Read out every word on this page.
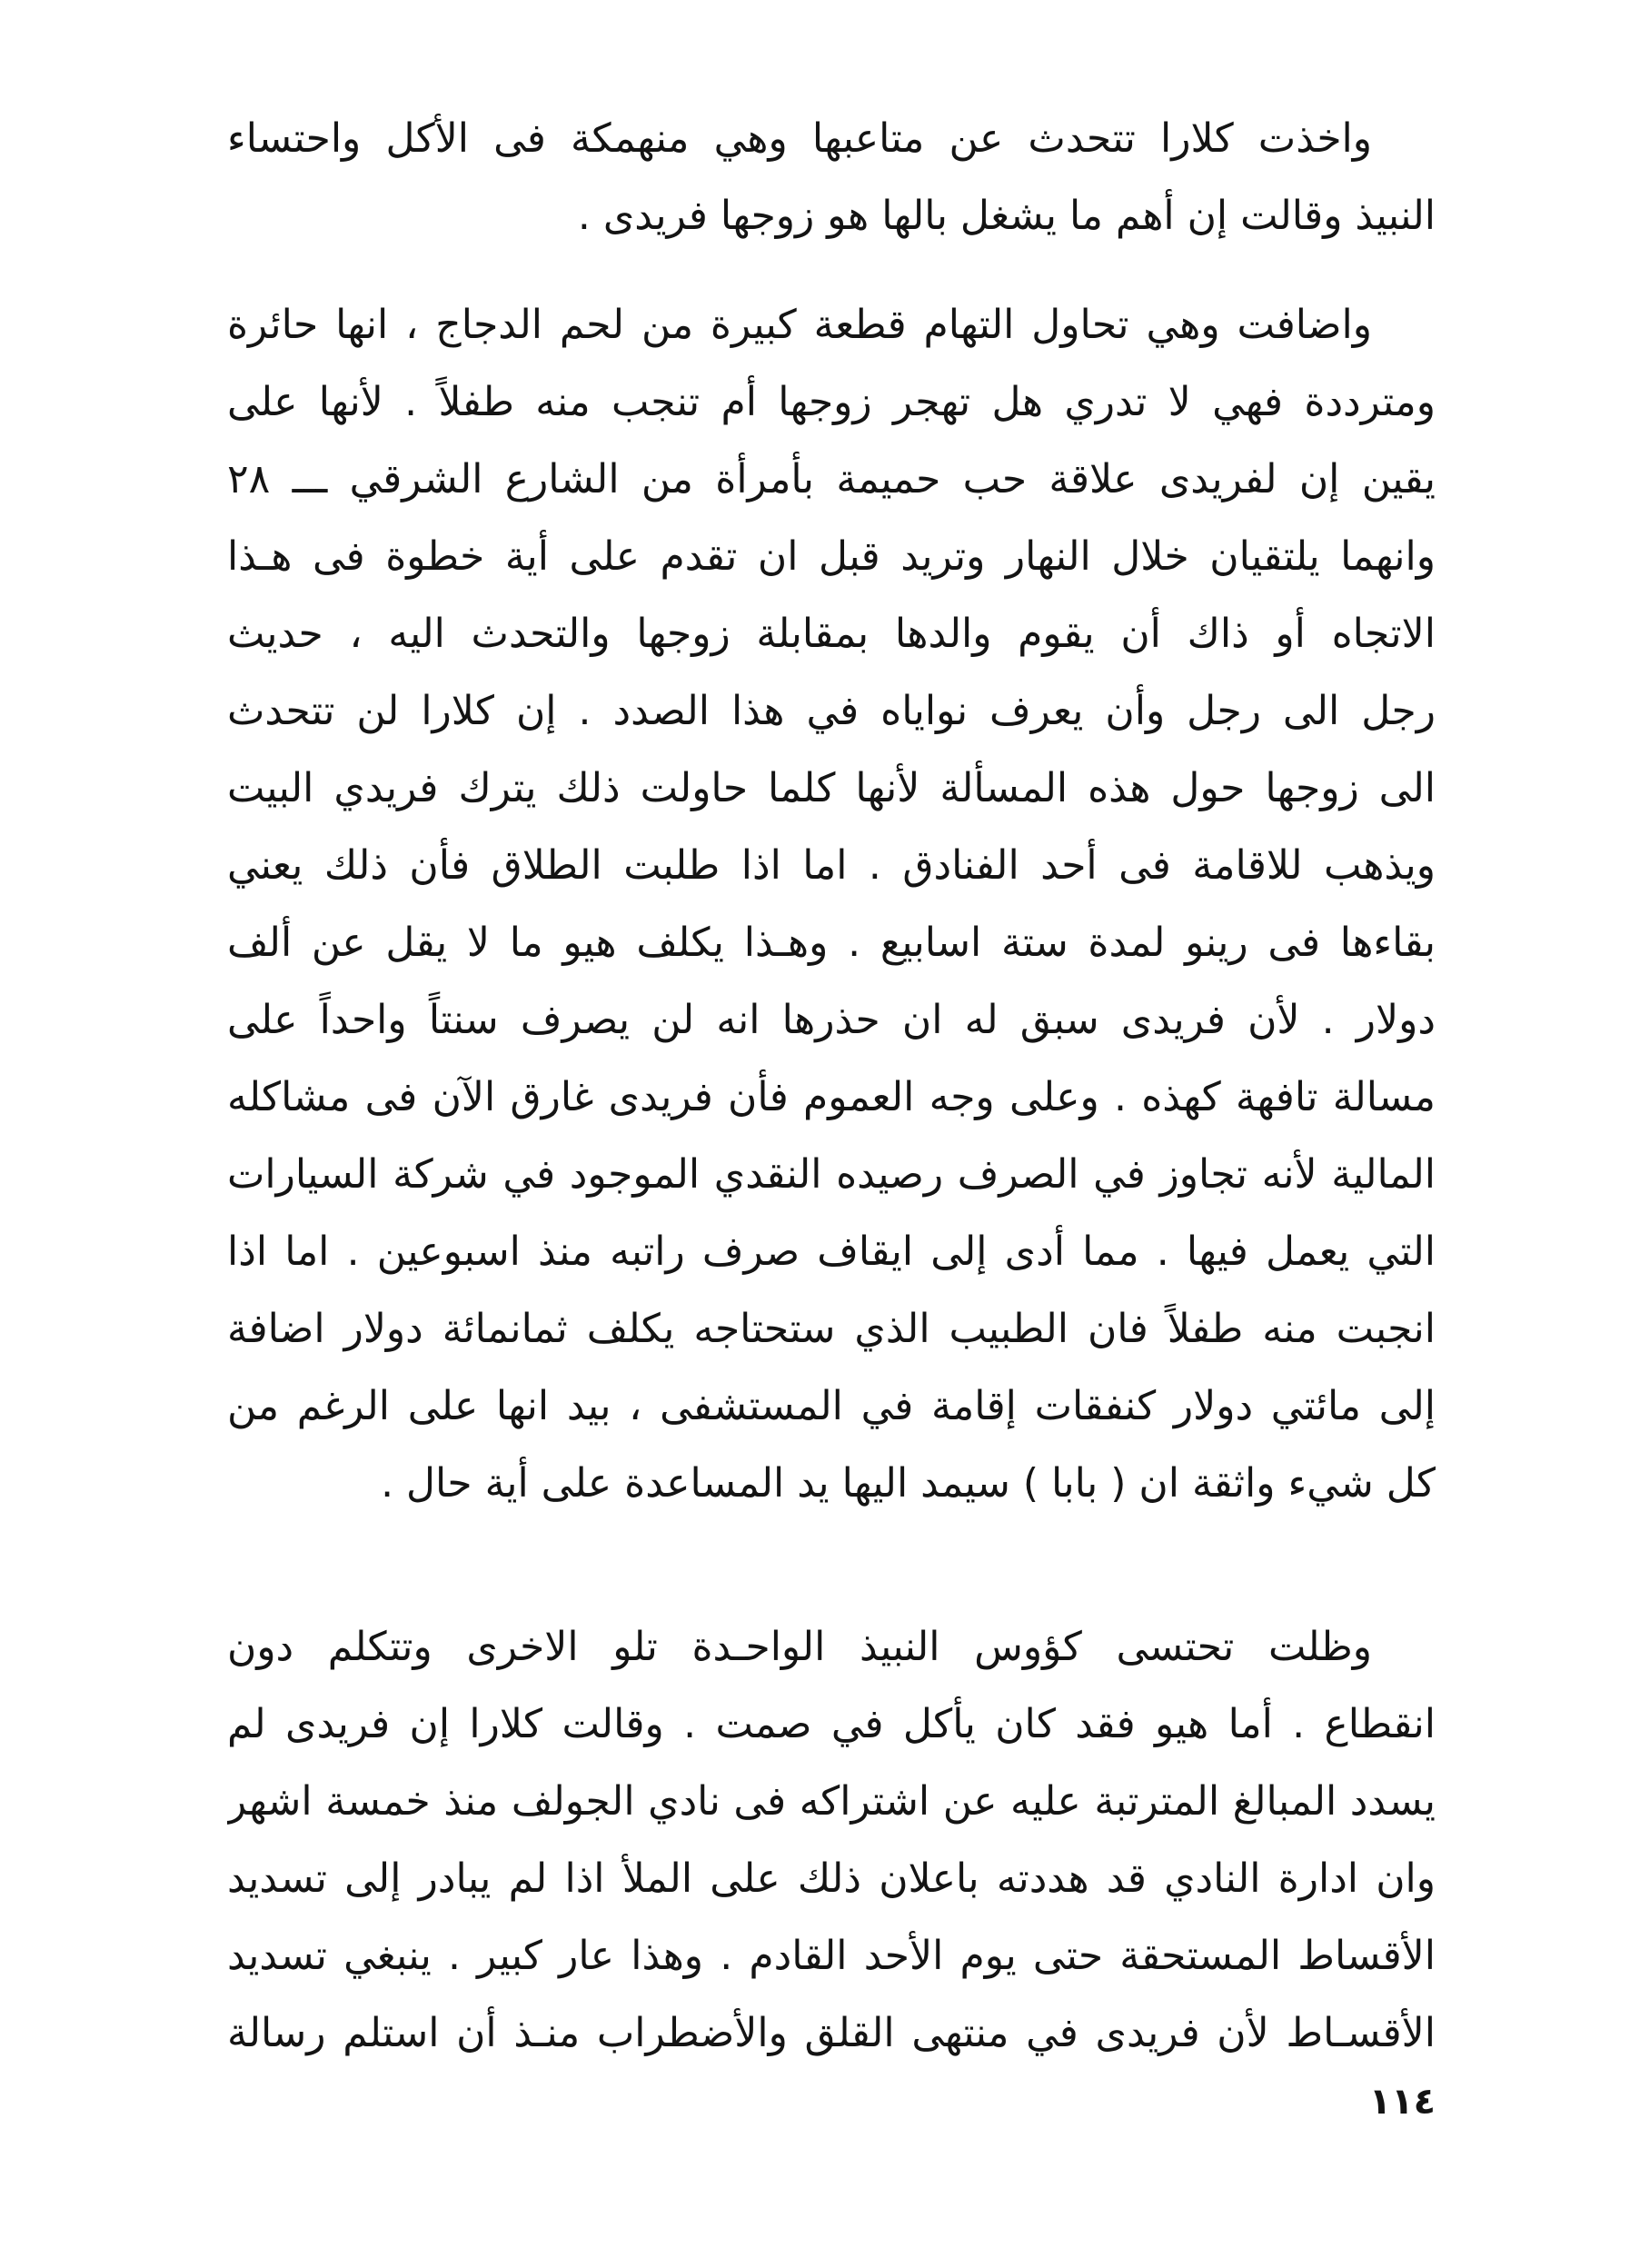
واخذت كلارا تتحدث عن متاعبها وهي منهمكة فى الأكل واحتساء
النبيذ وقالت إن أهم ما يشغل بالها هو زوجها فريدى .
واضافت وهي تحاول التهام قطعة كبيرة من لحم الدجاج ، انها حائرة
ومترددة فهي لا تدري هل تهجر زوجها أم تنجب منه طفلاً . لأنها على
يقين إن لفريدى علاقة حب حميمة بأمرأة من الشارع الشرقي ـــ ٢٨
وانهما يلتقيان خلال النهار وتريد قبل ان تقدم على أية خطوة فى هـذا
الاتجاه أو ذاك أن يقوم والدها بمقابلة زوجها والتحدث اليه ، حديث
رجل الى رجل وأن يعرف نواياه في هذا الصدد . إن كلارا لن تتحدث
الى زوجها حول هذه المسألة لأنها كلما حاولت ذلك يترك فريدي البيت
ويذهب للاقامة فى أحد الفنادق . اما اذا طلبت الطلاق فأن ذلك يعني
بقاءها فى رينو لمدة ستة اسابيع . وهـذا يكلف هيو ما لا يقل عن ألف
دولار . لأن فريدى سبق له ان حذرها انه لن يصرف سنتاً واحداً على
مسالة تافهة كهذه . وعلى وجه العموم فأن فريدى غارق الآن فى مشاكله
المالية لأنه تجاوز في الصرف رصيده النقدي الموجود في شركة السيارات
التي يعمل فيها . مما أدى إلى ايقاف صرف راتبه منذ اسبوعين . اما اذا
انجبت منه طفلاً فان الطبيب الذي ستحتاجه يكلف ثمانمائة دولار اضافة
إلى مائتي دولار كنفقات إقامة في المستشفى ، بيد انها على الرغم من
كل شيء واثقة ان ( بابا ) سيمد اليها يد المساعدة على أية حال .
وظلت تحتسى كؤوس النبيذ الواحـدة تلو الاخرى وتتكلم دون
انقطاع . أما هيو فقد كان يأكل في صمت . وقالت كلارا إن فريدى لم
يسدد المبالغ المترتبة عليه عن اشتراكه فى نادي الجولف منذ خمسة اشهر
وان ادارة النادي قد هددته باعلان ذلك على الملأ اذا لم يبادر إلى تسديد
الأقساط المستحقة حتى يوم الأحد القادم . وهذا عار كبير . ينبغي تسديد
الأقسـاط لأن فريدى في منتهى القلق والأضطراب منـذ أن استلم رسالة
١١٤
